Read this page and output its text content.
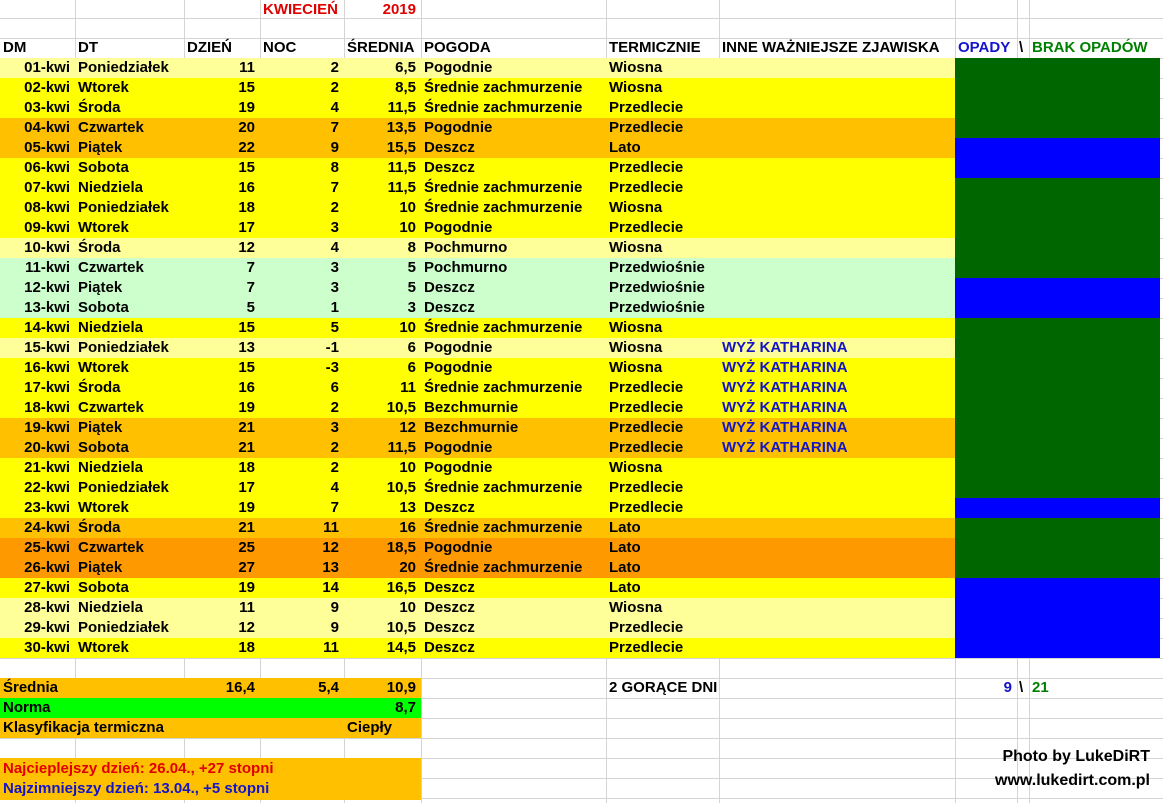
KWIECIEŃ	2019
DM	DT	DZIEŃ	NOC	ŚREDNIA POGODA	TERMICZNIE	INNE WAŻNIEJSZE ZJAWISKA	OPADY \ BRAK OPADÓW
01-kwi Poniedziałek	11	2	6,5 Pogodnie	Wiosna
02-kwi Wtorek	15	2	8,5 Średnie zachmurzenie	Wiosna
03-kwi Środa	19	4	11,5 Średnie zachmurzenie	Przedlecie
04-kwi Czwartek	20	7	13,5 Pogodnie	Przedlecie
05-kwi Piątek	22	9	15,5 Deszcz	Lato
06-kwi Sobota	15	8	11,5 Deszcz	Przedlecie
07-kwi Niedziela	16	7	11,5 Średnie zachmurzenie	Przedlecie
08-kwi Poniedziałek	18	2	10 Średnie zachmurzenie	Wiosna
09-kwi Wtorek	17	3	10 Pogodnie	Przedlecie
10-kwi Środa	12	4	8 Pochmurno	Wiosna
11-kwi Czwartek	7	3	5 Pochmurno	Przedwiośnie
12-kwi Piątek	7	3	5 Deszcz	Przedwiośnie
13-kwi Sobota	5	1	3 Deszcz	Przedwiośnie
14-kwi Niedziela	15	5	10 Średnie zachmurzenie	Wiosna
15-kwi Poniedziałek	13	-1	6 Pogodnie	Wiosna	WYŻ KATHARINA
16-kwi Wtorek	15	-3	6 Pogodnie	Wiosna	WYŻ KATHARINA
17-kwi Środa	16	6	11 Średnie zachmurzenie	Przedlecie	WYŻ KATHARINA
18-kwi Czwartek	19	2	10,5 Bezchmurnie	Przedlecie	WYŻ KATHARINA
19-kwi Piątek	21	3	12 Bezchmurnie	Przedlecie	WYŻ KATHARINA
20-kwi Sobota	21	2	11,5 Pogodnie	Przedlecie	WYŻ KATHARINA
21-kwi Niedziela	18	2	10 Pogodnie	Wiosna
22-kwi Poniedziałek	17	4	10,5 Średnie zachmurzenie	Przedlecie
23-kwi Wtorek	19	7	13 Deszcz	Przedlecie
24-kwi Środa	21	11	16 Średnie zachmurzenie	Lato
25-kwi Czwartek	25	12	18,5 Pogodnie	Lato
26-kwi Piątek	27	13	20 Średnie zachmurzenie	Lato
27-kwi Sobota	19	14	16,5 Deszcz	Lato
28-kwi Niedziela	11	9	10 Deszcz	Wiosna
29-kwi Poniedziałek	12	9	10,5 Deszcz	Przedlecie
30-kwi Wtorek	18	11	14,5 Deszcz	Przedlecie
Średnia	16,4	5,4	10,9
Norma	8,7
Klasyfikacja termiczna	Ciepły
2 GORĄCE DNI	9 \ 21
Najcieplejszy dzień: 26.04., +27 stopni
Najzimniejszy dzień: 13.04., +5 stopni
Photo by LukeDiRT
www.lukedirt.com.pl
